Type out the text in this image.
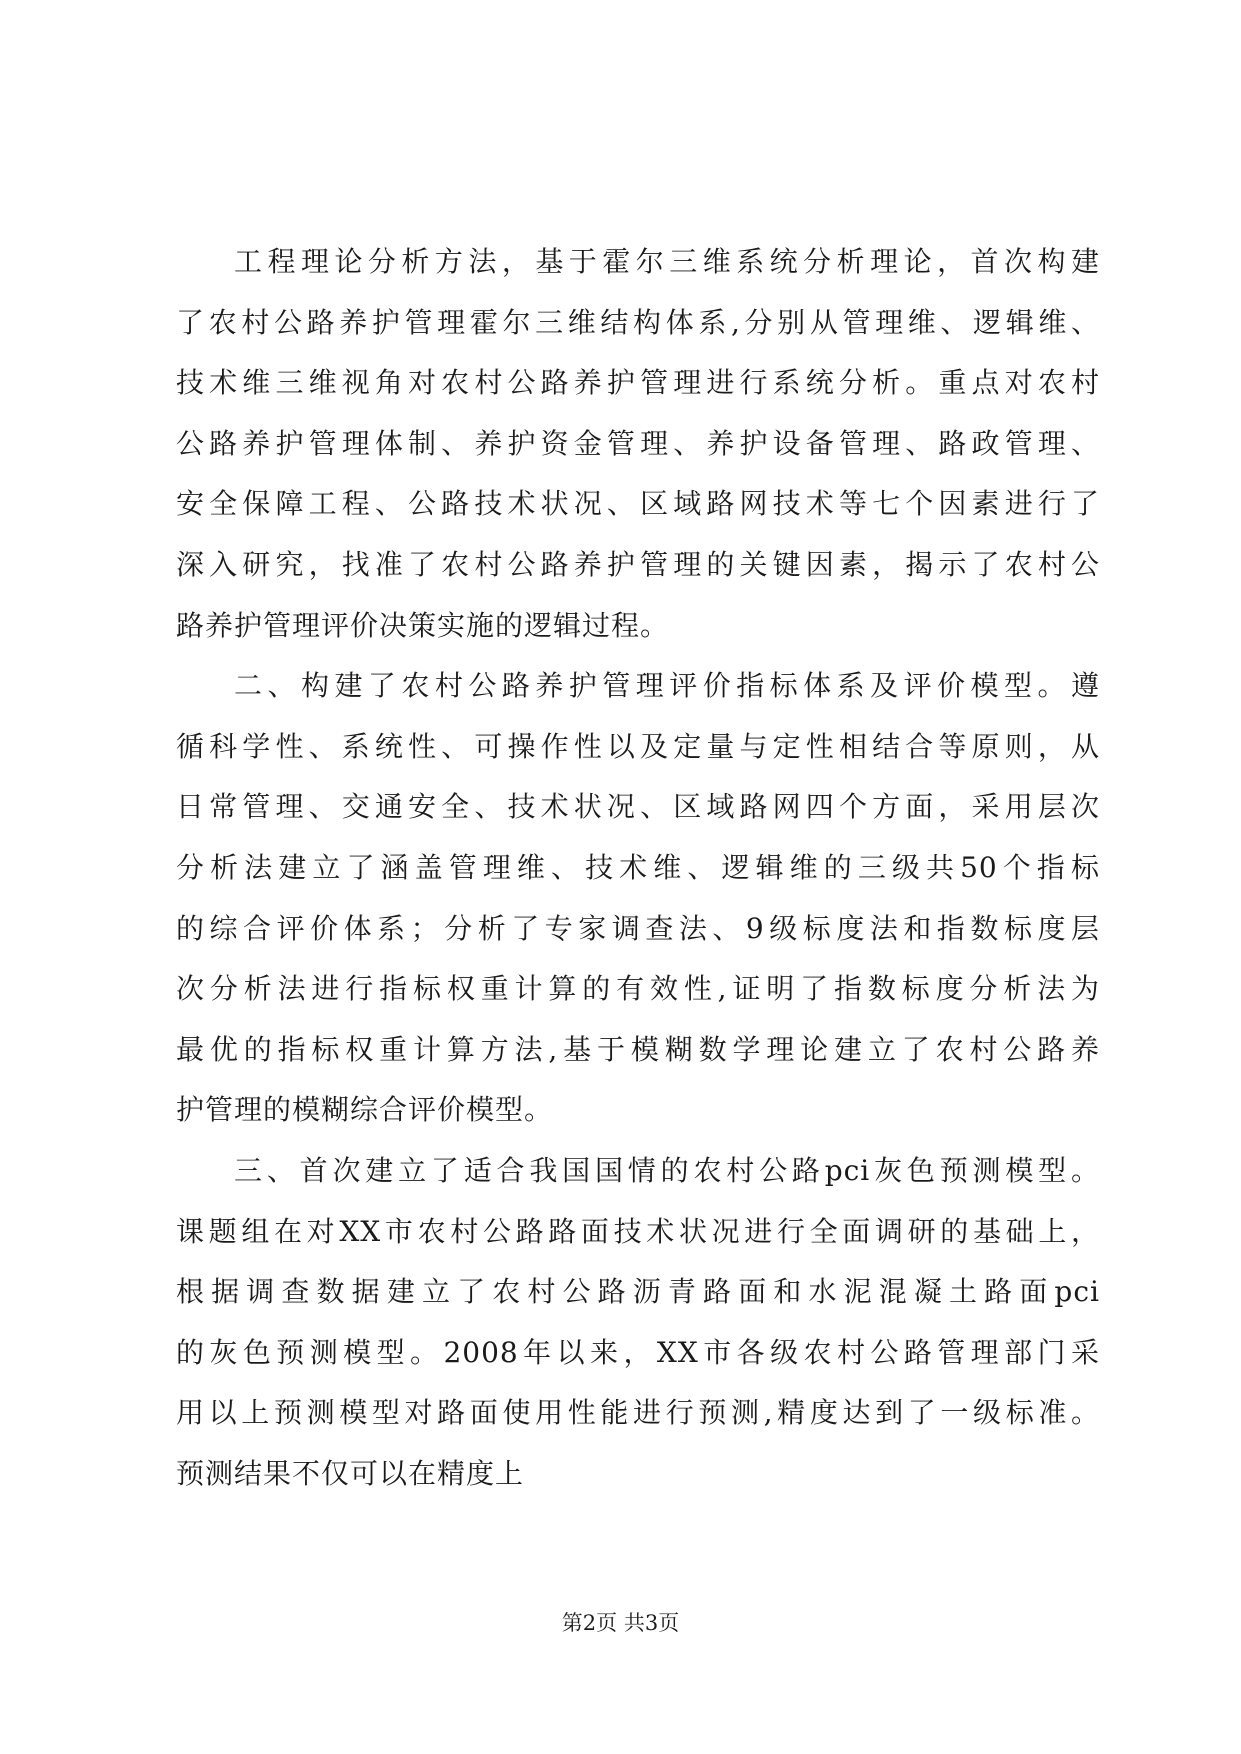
工程理论分析方法，基于霍尔三维系统分析理论，首次构建
了农村公路养护管理霍尔三维结构体系,分别从管理维、逻辑维、
技术维三维视角对农村公路养护管理进行系统分析。重点对农村
公路养护管理体制、养护资金管理、养护设备管理、路政管理、
安全保障工程、公路技术状况、区域路网技术等七个因素进行了
深入研究，找准了农村公路养护管理的关键因素，揭示了农村公
路养护管理评价决策实施的逻辑过程。
二、构建了农村公路养护管理评价指标体系及评价模型。遵
循科学性、系统性、可操作性以及定量与定性相结合等原则，从
日常管理、交通安全、技术状况、区域路网四个方面，采用层次
分析法建立了涵盖管理维、技术维、逻辑维的三级共50个指标
的综合评价体系；分析了专家调查法、9级标度法和指数标度层
次分析法进行指标权重计算的有效性,证明了指数标度分析法为
最优的指标权重计算方法,基于模糊数学理论建立了农村公路养
护管理的模糊综合评价模型。
三、首次建立了适合我国国情的农村公路pci灰色预测模型。
课题组在对XX市农村公路路面技术状况进行全面调研的基础上，
根据调查数据建立了农村公路沥青路面和水泥混凝土路面pci
的灰色预测模型。2008年以来，XX市各级农村公路管理部门采
用以上预测模型对路面使用性能进行预测,精度达到了一级标准。
预测结果不仅可以在精度上
第2页 共3页
